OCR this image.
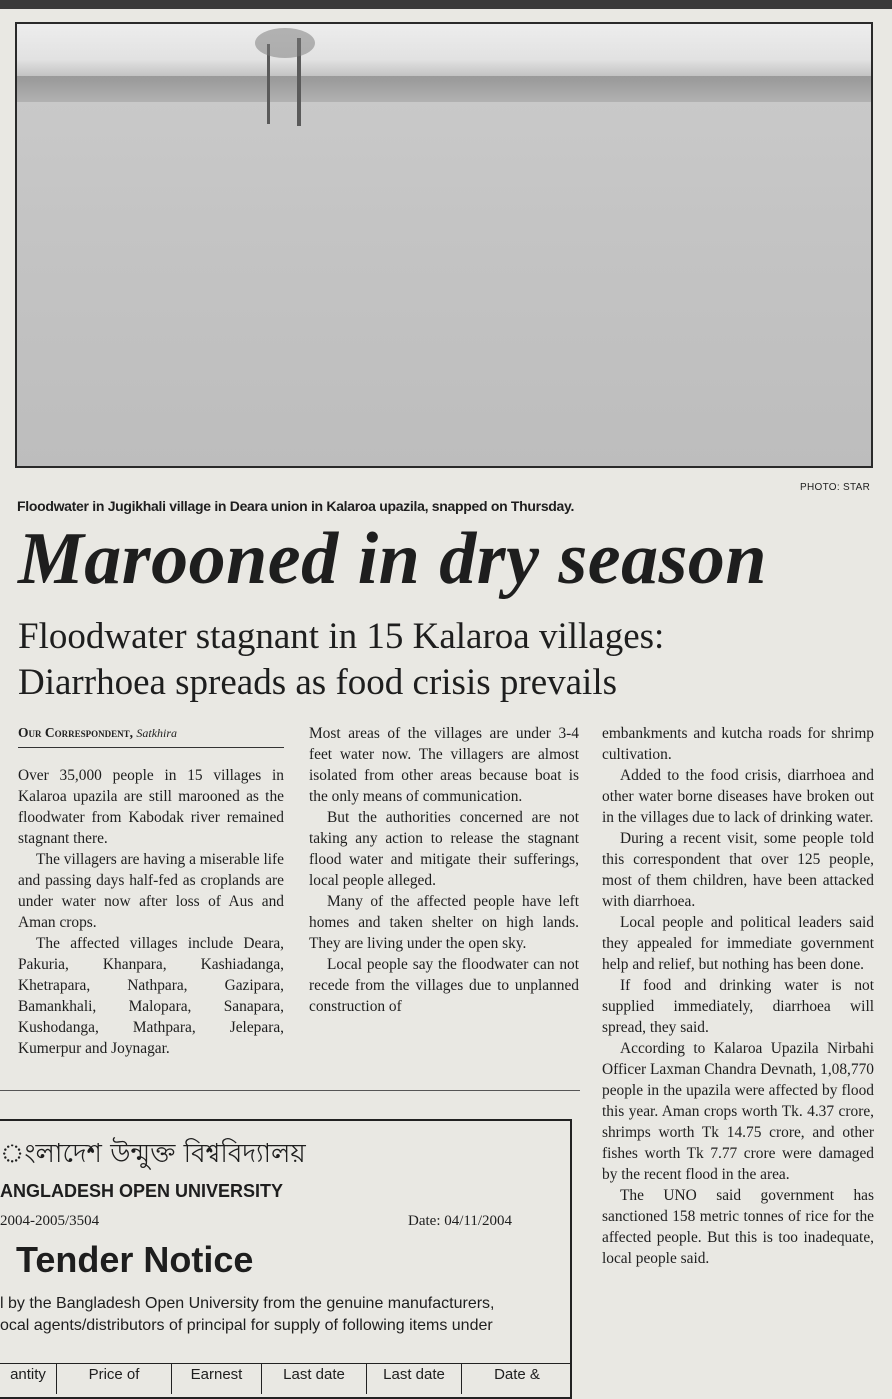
PHOTO: STAR
Floodwater in Jugikhali village in Deara union in Kalaroa upazila, snapped on Thursday.
Marooned in dry season
Floodwater stagnant in 15 Kalaroa villages:
Diarrhoea spreads as food crisis prevails
Our Correspondent, Satkhira

Over 35,000 people in 15 villages in Kalaroa upazila are still marooned as the floodwater from Kabodak river remained stagnant there.

The villagers are having a miserable life and passing days half-fed as croplands are under water now after loss of Aus and Aman crops.

The affected villages include Deara, Pakuria, Khanpara, Kashiadanga, Khetrapara, Nathpara, Gazipara, Bamankhali, Malopara, Sanapara, Kushodanga, Mathpara, Jelepara, Kumerpur and Joynagar.

Most areas of the villages are under 3-4 feet water now. The villagers are almost isolated from other areas because boat is the only means of communication.

But the authorities concerned are not taking any action to release the stagnant flood water and mitigate their sufferings, local people alleged.

Many of the affected people have left homes and taken shelter on high lands. They are living under the open sky.

Local people say the floodwater can not recede from the villages due to unplanned construction of

embankments and kutcha roads for shrimp cultivation.

Added to the food crisis, diarrhoea and other water borne diseases have broken out in the villages due to lack of drinking water.

During a recent visit, some people told this correspondent that over 125 people, most of them children, have been attacked with diarrhoea.

Local people and political leaders said they appealed for immediate government help and relief, but nothing has been done.

If food and drinking water is not supplied immediately, diarrhoea will spread, they said.

According to Kalaroa Upazila Nirbahi Officer Laxman Chandra Devnath, 1,08,770 people in the upazila were affected by flood this year. Aman crops worth Tk. 4.37 crore, shrimps worth Tk 14.75 crore, and other fishes worth Tk 7.77 crore were damaged by the recent flood in the area.

The UNO said government has sanctioned 158 metric tonnes of rice for the affected people. But this is too inadequate, local people said.

ংলাদেশ উন্মুক্ত বিশ্ববিদ্যালয়
ANGLADESH OPEN UNIVERSITY
2004-2005/3504	Date: 04/11/2004
Tender Notice
l by the Bangladesh Open University from the genuine manufacturers,
ocal agents/distributors of principal for supply of following items under
antity	Price of	Earnest	Last date	Last date	Date &
